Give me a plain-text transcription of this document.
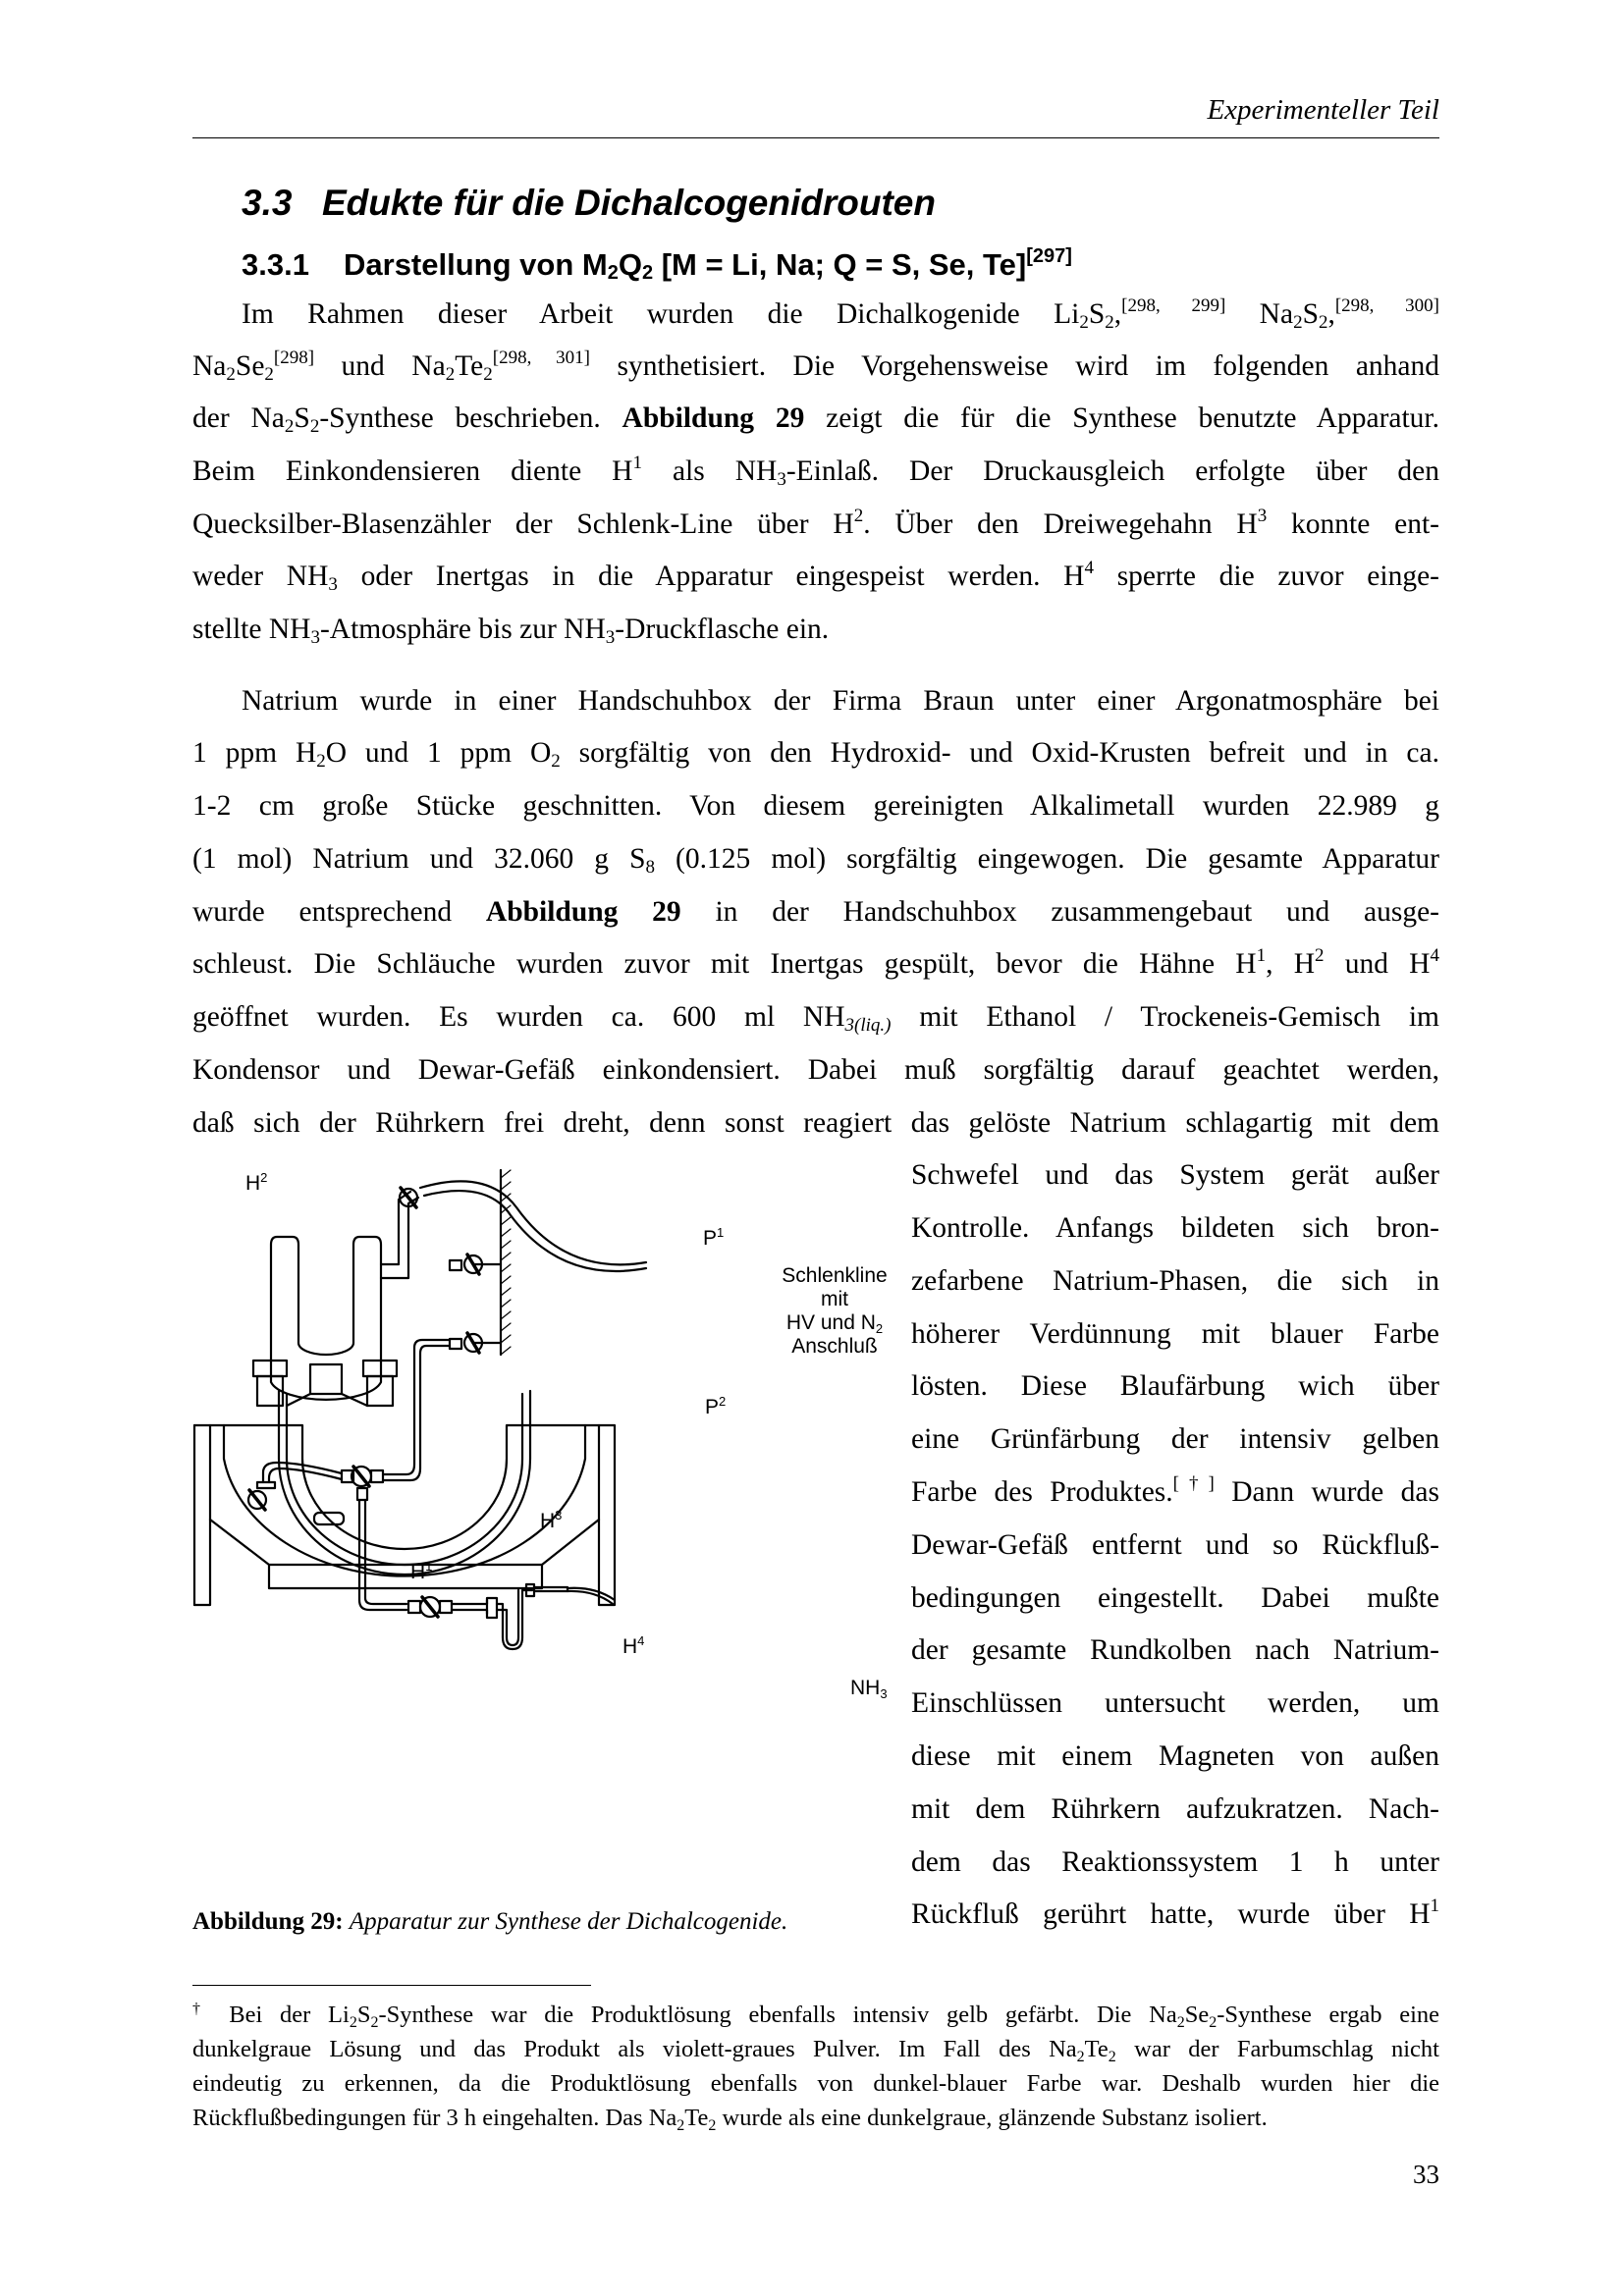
Experimenteller Teil
3.3 Edukte für die Dichalcogenidrouten
3.3.1 Darstellung von $M_2Q_2$ [M = Li, Na; Q = S, Se, Te][297]
Im Rahmen dieser Arbeit wurden die Dichalkogenide $Li_2S_2,[298, 299]$ $Na_2S_2,[298, 300]$
$Na_2Se_2[298]$ und $Na_2Te_2[298, 301]$ synthetisiert. Die Vorgehensweise wird im folgenden anhand
der $Na_2S_2$-Synthese beschrieben. Abbildung 29 zeigt die für die Synthese benutzte Apparatur.
Beim Einkondensieren diente $H^1$ als $NH_3$-Einlaß. Der Druckausgleich erfolgte über den
Quecksilber-Blasenzähler der Schlenk-Line über $H^2$. Über den Dreiwegehahn $H^3$ konnte ent-
weder $NH_3$ oder Inertgas in die Apparatur eingespeist werden. $H^4$ sperrte die zuvor einge-
stellte $NH_3$-Atmosphäre bis zur $NH_3$-Druckflasche ein.
Natrium wurde in einer Handschuhbox der Firma Braun unter einer Argonatmosphäre bei
1 ppm $H_2O$ und 1 ppm $O_2$ sorgfältig von den Hydroxid- und Oxid-Krusten befreit und in ca.
1-2 cm große Stücke geschnitten. Von diesem gereinigten Alkalimetall wurden 22.989 g
(1 mol) Natrium und 32.060 g $S_8$ (0.125 mol) sorgfältig eingewogen. Die gesamte Apparatur
wurde entsprechend Abbildung 29 in der Handschuhbox zusammengebaut und ausge-
schleust. Die Schläuche wurden zuvor mit Inertgas gespült, bevor die Hähne $H^1$, $H^2$ und $H^4$
geöffnet wurden. Es wurden ca. 600 ml $NH_{3(liq.)}$ mit Ethanol / Trockeneis-Gemisch im
Kondensor und Dewar-Gefäß einkondensiert. Dabei muß sorgfältig darauf geachtet werden,
daß sich der Rührkern frei dreht, denn sonst reagiert das gelöste Natrium schlagartig mit dem
Schwefel und das System gerät außer
Kontrolle. Anfangs bildeten sich bron-
zefarbene Natrium-Phasen, die sich in
höherer Verdünnung mit blauer Farbe
lösten. Diese Blaufärbung wich über
eine Grünfärbung der intensiv gelben
Farbe des Produktes.[†] Dann wurde das
Dewar-Gefäß entfernt und so Rückfluß-
bedingungen eingestellt. Dabei mußte
der gesamte Rundkolben nach Natrium-
Einschlüssen untersucht werden, um
diese mit einem Magneten von außen
mit dem Rührkern aufzukratzen. Nach-
dem das Reaktionssystem 1 h unter
Rückfluß gerührt hatte, wurde über $H^1$
$H^2$
$P^1$
$P^2$
$H^3$
$H^1$
$H^4$
$NH_3$
Schlenkline
mit
HV und $N_2$
Anschluß
Abbildung 29: Apparatur zur Synthese der Dichalcogenide.
† Bei der $Li_2S_2$-Synthese war die Produktlösung ebenfalls intensiv gelb gefärbt. Die $Na_2Se_2$-Synthese ergab eine
dunkelgraue Lösung und das Produkt als violett-graues Pulver. Im Fall des $Na_2Te_2$ war der Farbumschlag nicht
eindeutig zu erkennen, da die Produktlösung ebenfalls von dunkel-blauer Farbe war. Deshalb wurden hier die
Rückflußbedingungen für 3 h eingehalten. Das $Na_2Te_2$ wurde als eine dunkelgraue, glänzende Substanz isoliert.
33
